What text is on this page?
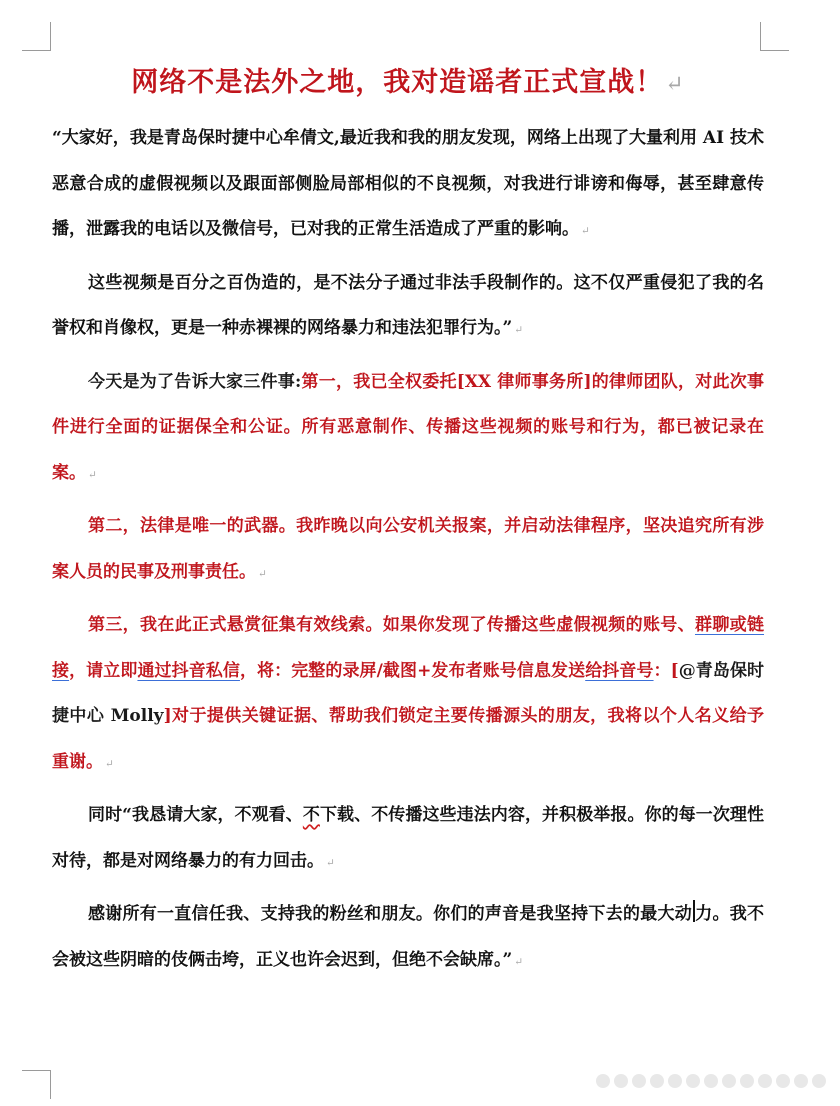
网络不是法外之地，我对造谣者正式宣战！↵

“大家好，我是青岛保时捷中心牟倩文,最近我和我的朋友发现，网络上出现了大量利用 AI 技术恶意合成的虚假视频以及跟面部侧脸局部相似的不良视频，对我进行诽谤和侮辱，甚至肆意传播，泄露我的电话以及微信号，已对我的正常生活造成了严重的影响。 ↵

这些视频是百分之百伪造的，是不法分子通过非法手段制作的。这不仅严重侵犯了我的名誉权和肖像权，更是一种赤裸裸的网络暴力和违法犯罪行为。” ↵

今天是为了告诉大家三件事:第一，我已全权委托[XX 律师事务所]的律师团队，对此次事件进行全面的证据保全和公证。所有恶意制作、传播这些视频的账号和行为，都已被记录在案。 ↵

第二，法律是唯一的武器。我昨晚以向公安机关报案，并启动法律程序，坚决追究所有涉案人员的民事及刑事责任。 ↵

第三，我在此正式悬赏征集有效线索。如果你发现了传播这些虚假视频的账号、群聊或链接，请立即通过抖音私信，将：完整的录屏/截图+发布者账号信息发送给抖音号：[@青岛保时捷中心 Molly]对于提供关键证据、帮助我们锁定主要传播源头的朋友，我将以个人名义给予重谢。 ↵

同时“我恳请大家，不观看、不下载、不传播这些违法内容，并积极举报。你的每一次理性对待，都是对网络暴力的有力回击。 ↵

感谢所有一直信任我、支持我的粉丝和朋友。你们的声音是我坚持下去的最大动 力。我不会被这些阴暗的伎俩击垮，正义也许会迟到，但绝不会缺席。” ↵
